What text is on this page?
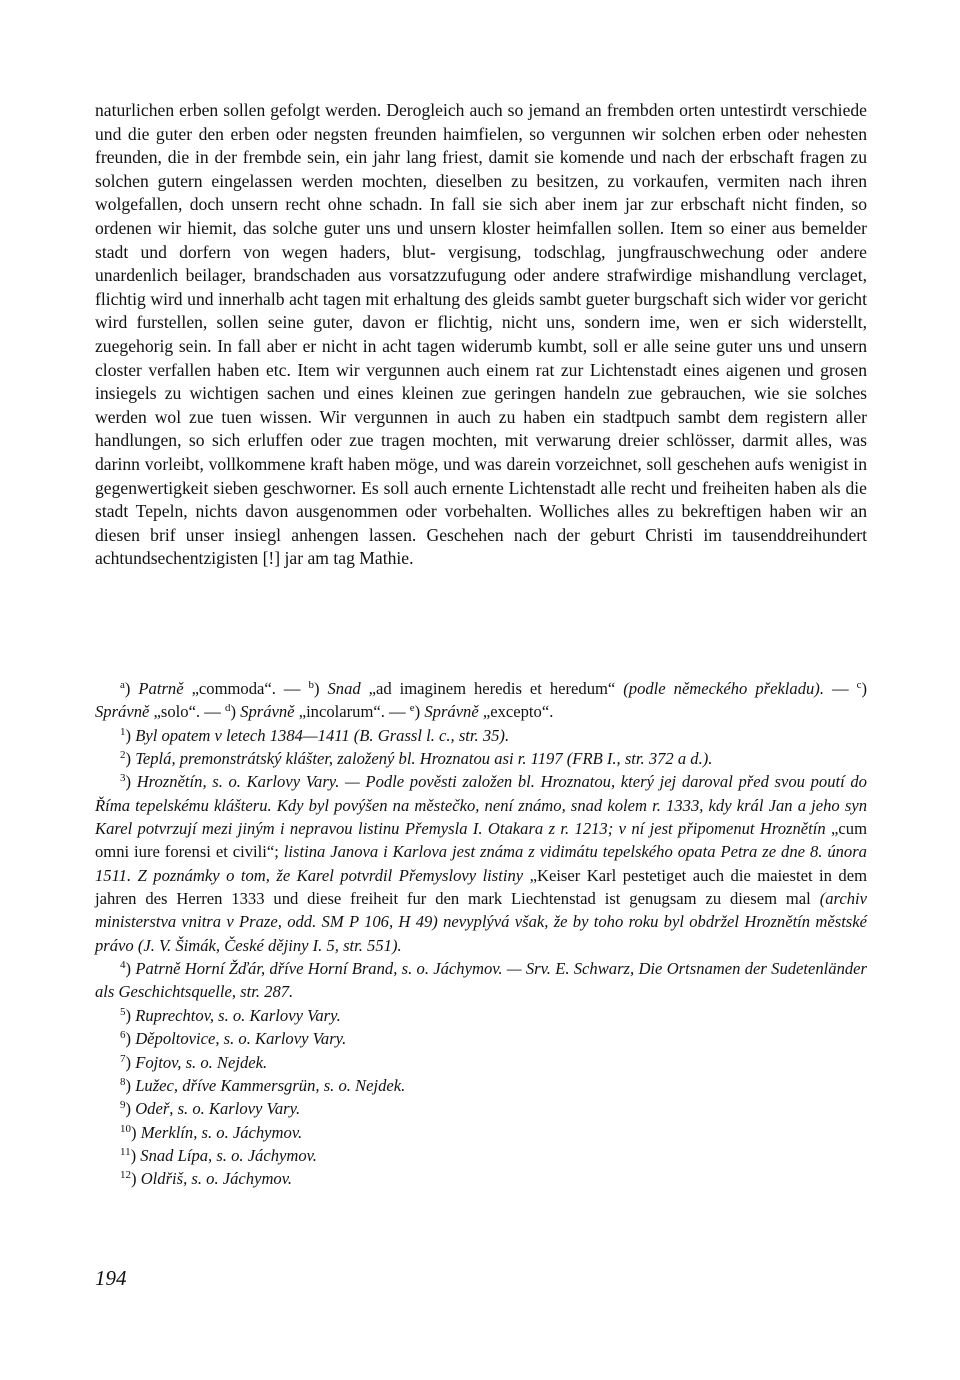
naturlichen erben sollen gefolgt werden. Derogleich auch so jemand an frembden orten untestirdt verschiede und die guter den erben oder negsten freunden haimfielen, so vergunnen wir solchen erben oder nehesten freunden, die in der frembde sein, ein jahr lang friest, damit sie komende und nach der erbschaft fragen zu solchen gutern eingelassen werden mochten, dieselben zu besitzen, zu vorkaufen, vermiten nach ihren wolgefallen, doch unsern recht ohne schadn. In fall sie sich aber inem jar zur erbschaft nicht finden, so ordenen wir hiemit, das solche guter uns und unsern kloster heimfallen sollen. Item so einer aus bemelder stadt und dorfern von wegen haders, blut- vergisung, todschlag, jungfrauschwechung oder andere unardenlich beilager, brandschaden aus vorsatzzufugung oder andere strafwirdige mishandlung verclaget, flichtig wird und innerhalb acht tagen mit erhaltung des gleids sambt gueter burgschaft sich wider vor gericht wird furstellen, sollen seine guter, davon er flichtig, nicht uns, sondern ime, wen er sich widerstellt, zuegehorig sein. In fall aber er nicht in acht tagen widerumb kumbt, soll er alle seine guter uns und unsern closter verfallen haben etc. Item wir vergunnen auch einem rat zur Lichtenstadt eines aigenen und grosen insiegels zu wichtigen sachen und eines kleinen zue geringen handeln zue gebrauchen, wie sie solches werden wol zue tuen wissen. Wir vergunnen in auch zu haben ein stadtpuch sambt dem registern aller handlungen, so sich erluffen oder zue tragen mochten, mit verwarung dreier schlösser, darmit alles, was darinn vorleibt, vollkommene kraft haben möge, und was darein vorzeichnet, soll geschehen aufs wenigist in gegenwertigkeit sieben geschworner. Es soll auch ernente Lichtenstadt alle recht und freiheiten haben als die stadt Tepeln, nichts davon ausgenommen oder vorbehalten. Wolliches alles zu bekreftigen haben wir an diesen brif unser insiegl anhengen lassen. Geschehen nach der geburt Christi im tausenddreihundert achtundsechentzigisten [!] jar am tag Mathie.

$^a$) Patrně „commoda“. — $^b$) Snad „ad imaginem heredis et heredum“ (podle německého překladu). — $^c$) Správně „solo“. — $^d$) Správně „incolarum“. — $^e$) Správně „excepto“.

$^1$) Byl opatem v letech 1384—1411 (B. Grassl l. c., str. 35).

$^2$) Teplá, premonstrátský klášter, založený bl. Hroznatou asi r. 1197 (FRB I., str. 372 a d.).

$^3$) Hroznětín, s. o. Karlovy Vary. — Podle pověsti založen bl. Hroznatou, který jej daroval před svou poutí do Říma tepelskému klášteru. Kdy byl povýšen na městečko, není známo, snad kolem r. 1333, kdy král Jan a jeho syn Karel potvrzují mezi jiným i nepravou listinu Přemysla I. Otakara z r. 1213; v ní jest připomenut Hroznětín „cum omni iure forensi et civili“; listina Janova i Karlova jest známa z vidimátu tepelského opata Petra ze dne 8. února 1511. Z poznámky o tom, že Karel potvrdil Přemyslovy listiny „Keiser Karl pestetiget auch die maiestet in dem jahren des Herren 1333 und diese freiheit fur den mark Liechtenstad ist genugsam zu diesem mal (archiv ministerstva vnitra v Praze, odd. SM P 106, H 49) nevyplývá však, že by toho roku byl obdržel Hroznětín městské právo (J. V. Šimák, České dějiny I. 5, str. 551).

$^4$) Patrně Horní Žďár, dříve Horní Brand, s. o. Jáchymov. — Srv. E. Schwarz, Die Ortsnamen der Sudetenländer als Geschichtsquelle, str. 287.

$^5$) Ruprechtov, s. o. Karlovy Vary.

$^6$) Děpoltovice, s. o. Karlovy Vary.

$^7$) Fojtov, s. o. Nejdek.

$^8$) Lužec, dříve Kammersgrün, s. o. Nejdek.

$^9$) Odeř, s. o. Karlovy Vary.

$^{10}$) Merklín, s. o. Jáchymov.

$^{11}$) Snad Lípa, s. o. Jáchymov.

$^{12}$) Oldřiš, s. o. Jáchymov.

194
